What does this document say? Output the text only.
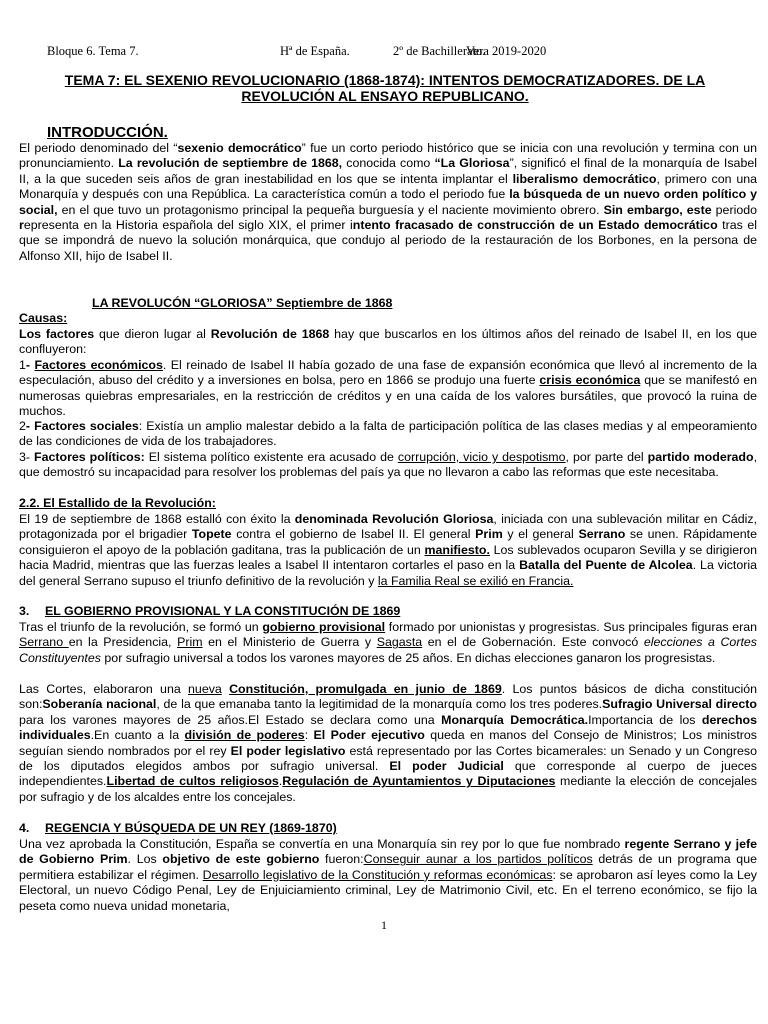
Bloque 6. Tema 7.	Hª de España.	2º de Bachillerato.
Vera 2019-2020
TEMA 7: EL SEXENIO REVOLUCIONARIO (1868-1874): INTENTOS DEMOCRATIZADORES. DE LA
REVOLUCIÓN AL ENSAYO REPUBLICANO.
INTRODUCCIÓN.

El periodo denominado del “sexenio democrático” fue un corto periodo histórico que se inicia con una revolución y termina con un pronunciamiento. La revolución de septiembre de 1868, conocida como “La Gloriosa”, significó el final de la monarquía de Isabel II, a la que suceden seis años de gran inestabilidad en los que se intenta implantar el liberalismo democrático, primero con una Monarquía y después con una República. La característica común a todo el periodo fue la búsqueda de un nuevo orden político y social, en el que tuvo un protagonismo principal la pequeña burguesía y el naciente movimiento obrero. Sin embargo, este periodo representa en la Historia española del siglo XIX, el primer intento fracasado de construcción de un Estado democrático tras el que se impondrá de nuevo la solución monárquica, que condujo al periodo de la restauración de los Borbones, en la persona de Alfonso XII, hijo de Isabel II.

LA REVOLUCÓN “GLORIOSA” Septiembre de 1868
Causas:

Los factores que dieron lugar al Revolución de 1868 hay que buscarlos en los últimos años del reinado de Isabel II, en los que confluyeron:

1- Factores económicos. El reinado de Isabel II había gozado de una fase de expansión económica que llevó al incremento de la especulación, abuso del crédito y a inversiones en bolsa, pero en 1866 se produjo una fuerte crisis económica que se manifestó en numerosas quiebras empresariales, en la restricción de créditos y en una caída de los valores bursátiles, que provocó la ruina de muchos.

2- Factores sociales: Existía un amplio malestar debido a la falta de participación política de las clases medias y al empeoramiento de las condiciones de vida de los trabajadores.

3- Factores políticos: El sistema político existente era acusado de corrupción, vicio y despotismo, por parte del partido moderado, que demostró su incapacidad para resolver los problemas del país ya que no llevaron a cabo las reformas que este necesitaba.

2.2. El Estallido de la Revolución:

El 19 de septiembre de 1868 estalló con éxito la denominada Revolución Gloriosa, iniciada con una sublevación militar en Cádiz, protagonizada por el brigadier Topete contra el gobierno de Isabel II. El general Prim y el general Serrano se unen. Rápidamente consiguieron el apoyo de la población gaditana, tras la publicación de un manifiesto. Los sublevados ocuparon Sevilla y se dirigieron hacia Madrid, mientras que las fuerzas leales a Isabel II intentaron cortarles el paso en la Batalla del Puente de Alcolea. La victoria del general Serrano supuso el triunfo definitivo de la revolución y la Familia Real se exilió en Francia.

3. EL GOBIERNO PROVISIONAL Y LA CONSTITUCIÓN DE 1869

Tras el triunfo de la revolución, se formó un gobierno provisional formado por unionistas y progresistas. Sus principales figuras eran Serrano en la Presidencia, Prim en el Ministerio de Guerra y Sagasta en el de Gobernación. Este convocó elecciones a Cortes Constituyentes por sufragio universal a todos los varones mayores de 25 años. En dichas elecciones ganaron los progresistas.

Las Cortes, elaboraron una nueva Constitución, promulgada en junio de 1869. Los puntos básicos de dicha constitución son:Soberanía nacional, de la que emanaba tanto la legitimidad de la monarquía como los tres poderes.Sufragio Universal directo para los varones mayores de 25 años.El Estado se declara como una Monarquía Democrática.Importancia de los derechos individuales.En cuanto a la división de poderes: El Poder ejecutivo queda en manos del Consejo de Ministros; Los ministros seguían siendo nombrados por el rey El poder legislativo está representado por las Cortes bicamerales: un Senado y un Congreso de los diputados elegidos ambos por sufragio universal. El poder Judicial que corresponde al cuerpo de jueces independientes.Libertad de cultos religiosos.Regulación de Ayuntamientos y Diputaciones mediante la elección de concejales por sufragio y de los alcaldes entre los concejales.

4. REGENCIA Y BÚSQUEDA DE UN REY (1869-1870)

Una vez aprobada la Constitución, España se convertía en una Monarquía sin rey por lo que fue nombrado regente Serrano y jefe de Gobierno Prim. Los objetivo de este gobierno fueron:Conseguir aunar a los partidos políticos detrás de un programa que permitiera estabilizar el régimen. Desarrollo legislativo de la Constitución y reformas económicas: se aprobaron así leyes como la Ley Electoral, un nuevo Código Penal, Ley de Enjuiciamiento criminal, Ley de Matrimonio Civil, etc. En el terreno económico, se fijo la peseta como nueva unidad monetaria,

1
